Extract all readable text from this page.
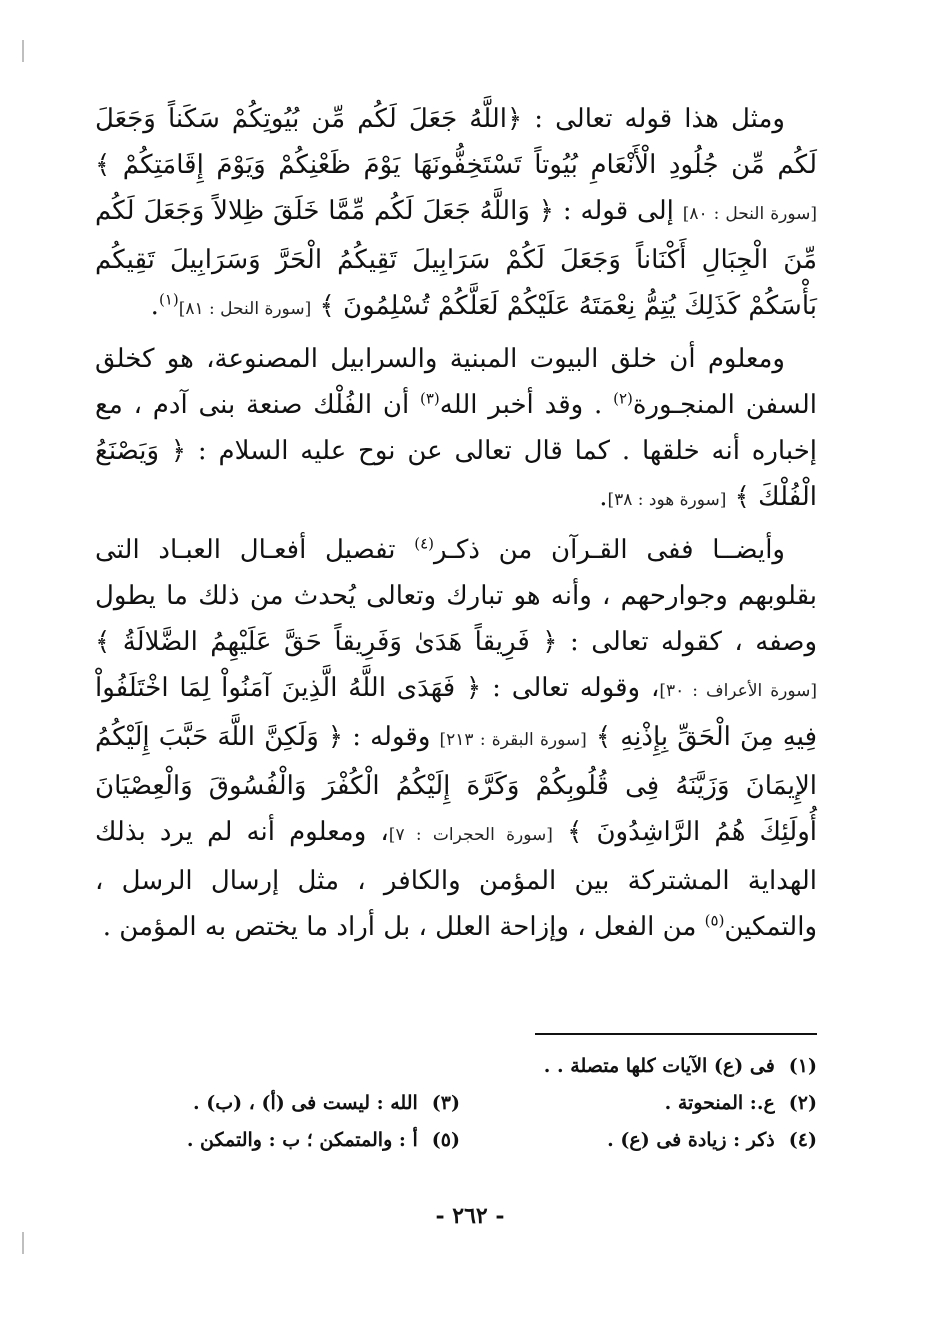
ومثل هذا قوله تعالى : ﴿اللَّهُ جَعَلَ لَكُم مِّن بُيُوتِكُمْ سَكَناً وَجَعَلَ لَكُم مِّن جُلُودِ الْأَنْعَامِ بُيُوتاً تَسْتَخِفُّونَهَا يَوْمَ ظَعْنِكُمْ وَيَوْمَ إِقَامَتِكُمْ ﴾ [سورة النحل : ٨٠] إلى قوله : ﴿ وَاللَّهُ جَعَلَ لَكُم مِّمَّا خَلَقَ ظِلالاً وَجَعَلَ لَكُم مِّنَ الْجِبَالِ أَكْنَاناً وَجَعَلَ لَكُمْ سَرَابِيلَ تَقِيكُمُ الْحَرَّ وَسَرَابِيلَ تَقِيكُم بَأْسَكُمْ كَذَلِكَ يُتِمُّ نِعْمَتَهُ عَلَيْكُمْ لَعَلَّكُمْ تُسْلِمُونَ ﴾ [سورة النحل : ٨١]$^{(١)}$.

ومعلوم أن خلق البيوت المبنية والسرابيل المصنوعة، هو كخلق السفن المنجـورة$^{(٢)}$ . وقد أخبر الله$^{(٣)}$ أن الفُلْك صنعة بنى آدم ، مع إخباره أنه خلقها . كما قال تعالى عن نوح عليه السلام : ﴿ وَيَصْنَعُ الْفُلْكَ ﴾ [سورة هود : ٣٨].

وأيضــا ففى القـرآن من ذكـر$^{(٤)}$ تفصيل أفعـال العبـاد التى بقلوبهم وجوارحهم ، وأنه هو تبارك وتعالى يُحدث من ذلك ما يطول وصفه ، كقوله تعالى : ﴿ فَرِيقاً هَدَىٰ وَفَرِيقاً حَقَّ عَلَيْهِمُ الضَّلالَةُ ﴾ [سورة الأعراف : ٣٠]، وقوله تعالى : ﴿ فَهَدَى اللَّهُ الَّذِينَ آمَنُواْ لِمَا اخْتَلَفُواْ فِيهِ مِنَ الْحَقِّ بِإِذْنِهِ ﴾ [سورة البقرة : ٢١٣] وقوله : ﴿ وَلَكِنَّ اللَّهَ حَبَّبَ إِلَيْكُمُ الإِيمَانَ وَزَيَّنَهُ فِى قُلُوبِكُمْ وَكَرَّهَ إِلَيْكُمُ الْكُفْرَ وَالْفُسُوقَ وَالْعِصْيَانَ أُولَئِكَ هُمُ الرَّاشِدُونَ ﴾ [سورة الحجرات : ٧]، ومعلوم أنه لم يرد بذلك الهداية المشتركة بين المؤمن والكافر ، مثل إرسال الرسل ، والتمكين$^{(٥)}$ من الفعل ، وإزاحة العلل ، بل أراد ما يختص به المؤمن .

(١)فى (ع) الآيات كلها متصلة . .
(٢)ع.: المنحوتة .
(٣)الله : ليست فى (أ) ، (ب) .
(٤)ذكر : زيادة فى (ع) .
(٥)أ : والمتمكن ؛ ب : والتمكن .
- ٢٦٢ -
